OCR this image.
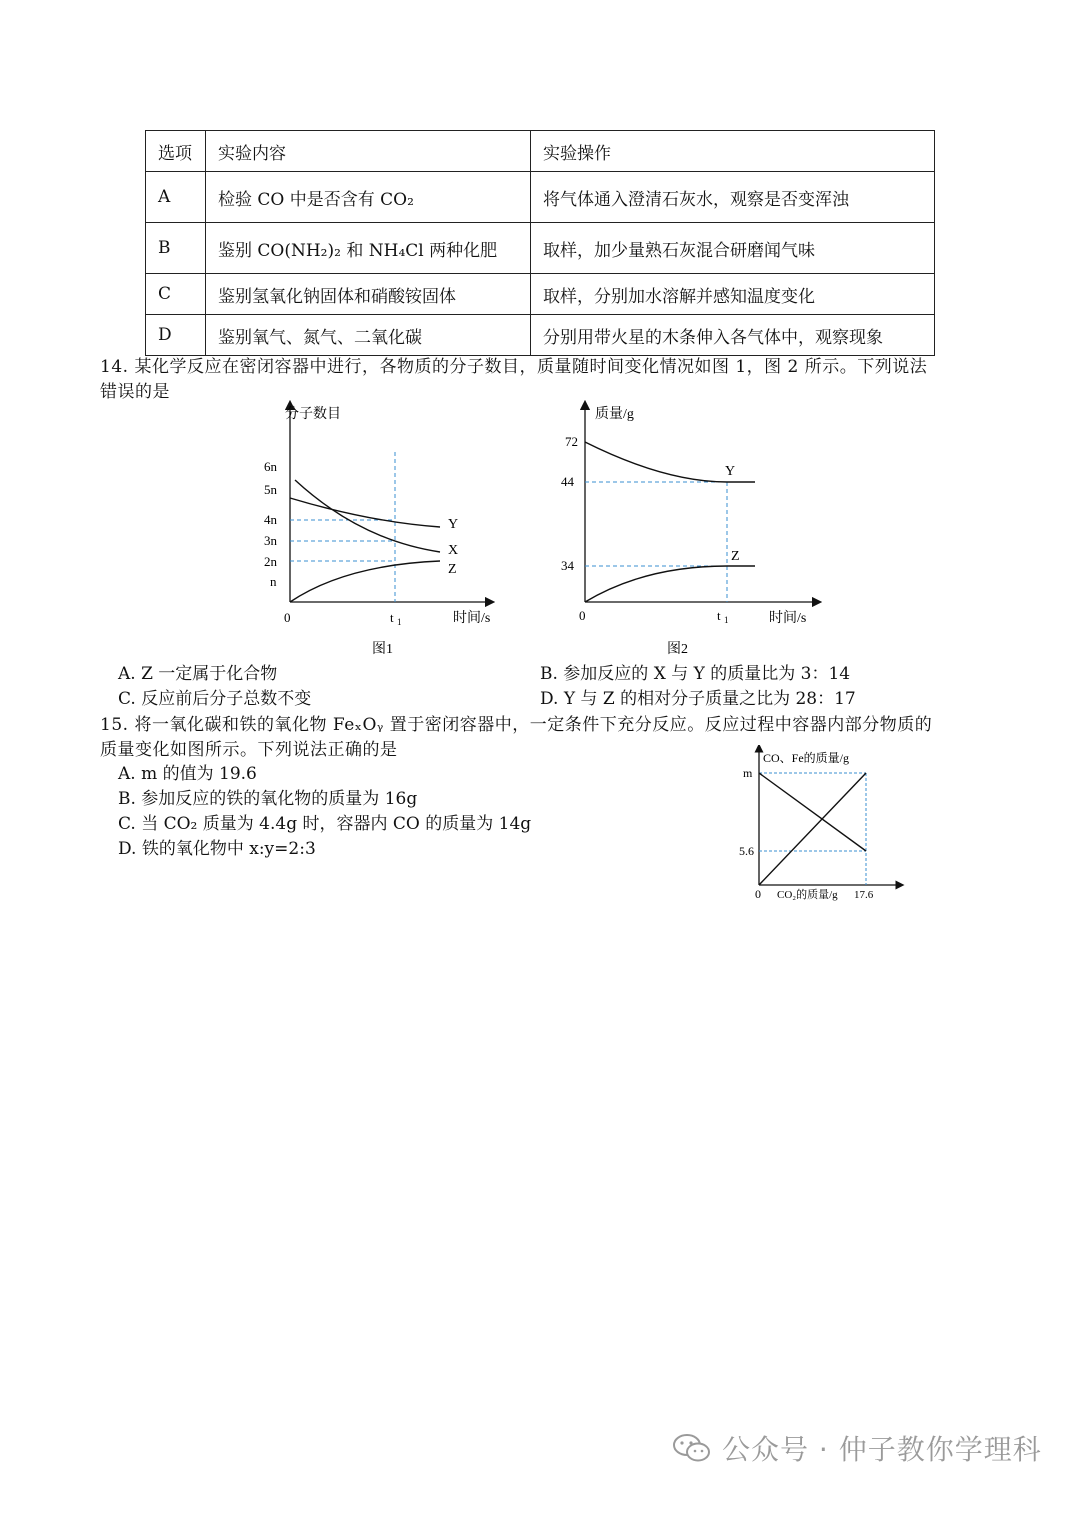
选项	实验内容	实验操作
A	检验 CO 中是否含有 CO₂	将气体通入澄清石灰水，观察是否变浑浊
B	鉴别 CO(NH₂)₂ 和 NH₄Cl 两种化肥	取样，加少量熟石灰混合研磨闻气味
C	鉴别氢氧化钠固体和硝酸铵固体	取样，分别加水溶解并感知温度变化
D	鉴别氧气、氮气、二氧化碳	分别用带火星的木条伸入各气体中，观察现象
14. 某化学反应在密闭容器中进行，各物质的分子数目，质量随时间变化情况如图 1，图 2 所示。下列说法
错误的是
分子数目
6n
5n
4n
3n
2n
n
0	t 1	时间/s
Y
X
Z
图1
质量/g
72
44
34
0	t 1	时间/s
Y
Z
图2
A. Z 一定属于化合物	B. 参加反应的 X 与 Y 的质量比为 3：14
C. 反应前后分子总数不变	D. Y 与 Z 的相对分子质量之比为 28：17
15. 将一氧化碳和铁的氧化物 FeₓOᵧ 置于密闭容器中，一定条件下充分反应。反应过程中容器内部分物质的
质量变化如图所示。下列说法正确的是
A. m 的值为 19.6
B. 参加反应的铁的氧化物的质量为 16g
C. 当 CO₂ 质量为 4.4g 时，容器内 CO 的质量为 14g
D. 铁的氧化物中 x:y=2:3
CO、Fe的质量/g
m
5.6
0 CO₂的质量/g 17.6
公众号 · 仲子教你学理科
